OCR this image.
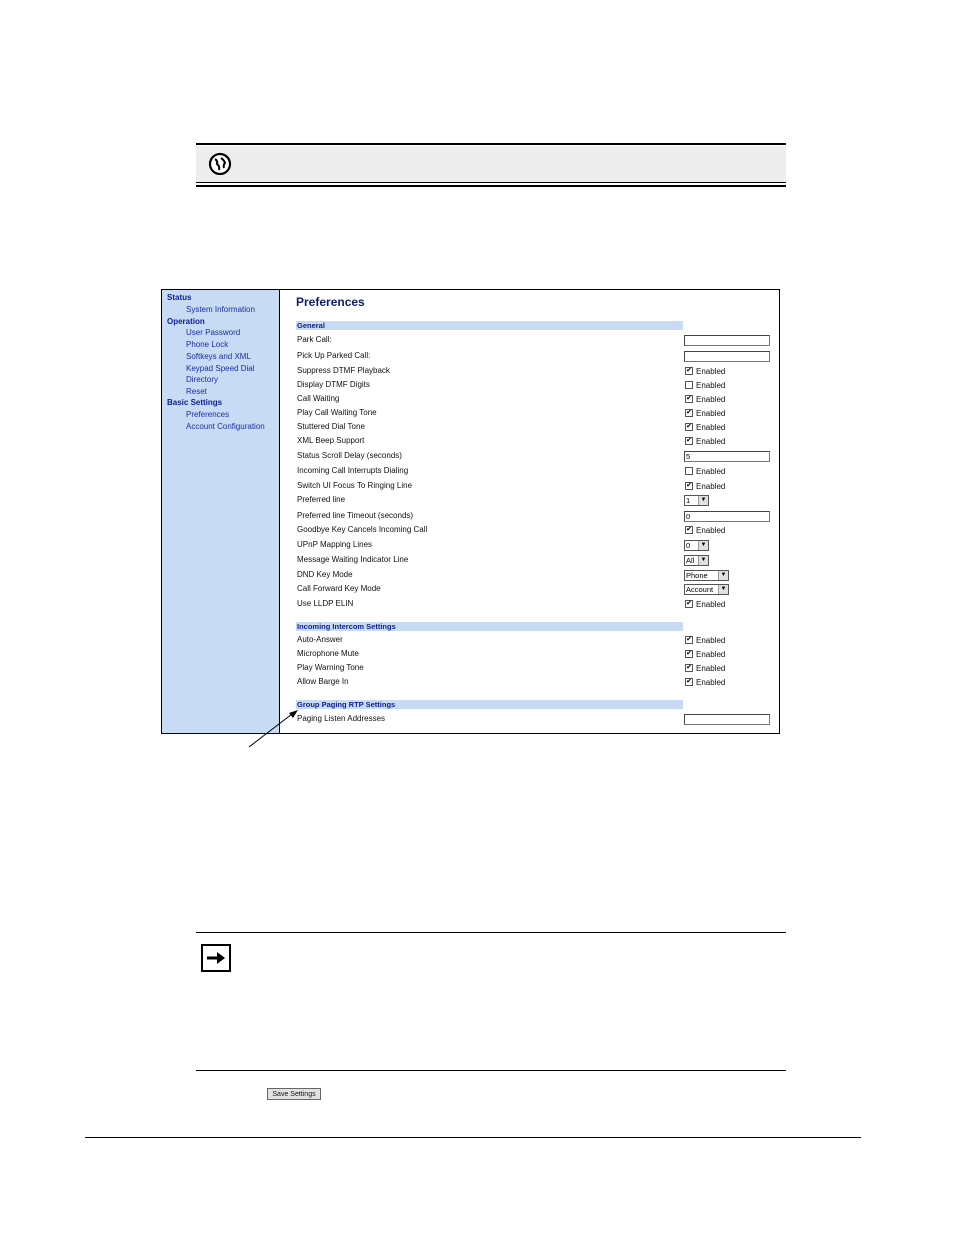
Status
System Information
Operation
User Password
Phone Lock
Softkeys and XML
Keypad Speed Dial
Directory
Reset
Basic Settings
Preferences
Account Configuration
Preferences
General
Park Call:
Pick Up Parked Call:
Suppress DTMF Playback	✔ Enabled
Display DTMF Digits	Enabled
Call Waiting	✔ Enabled
Play Call Waiting Tone	✔ Enabled
Stuttered Dial Tone	✔ Enabled
XML Beep Support	✔ Enabled
Status Scroll Delay (seconds)	5
Incoming Call Interrupts Dialing	Enabled
Switch UI Focus To Ringing Line	✔ Enabled
Preferred line	1	▼
Preferred line Timeout (seconds)	0
Goodbye Key Cancels Incoming Call	✔ Enabled
UPnP Mapping Lines	0	▼
Message Waiting Indicator Line	All	▼
DND Key Mode	Phone	▼
Call Forward Key Mode	Account	▼
Use LLDP ELIN	✔ Enabled
Incoming Intercom Settings
Auto-Answer	✔ Enabled
Microphone Mute	✔ Enabled
Play Warning Tone	✔ Enabled
Allow Barge In	✔ Enabled
Group Paging RTP Settings
Paging Listen Addresses
Save Settings
